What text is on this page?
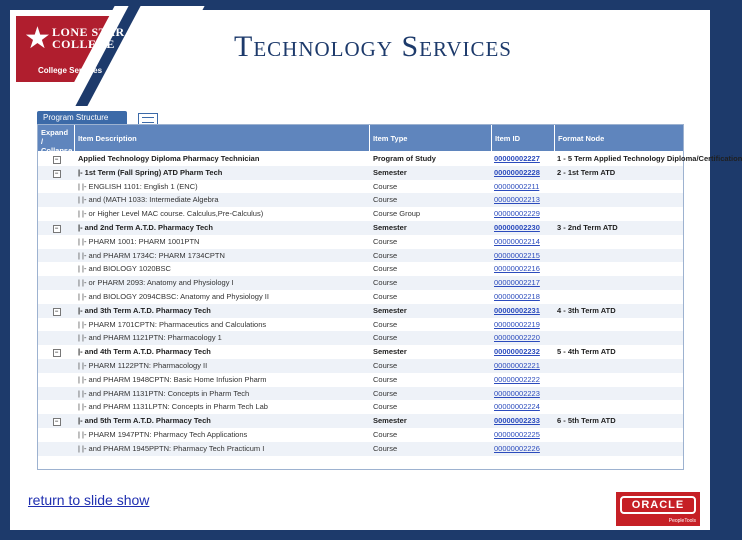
★ LONE STAR
COLLEGE
College Services
Technology Services
Program Structure
Expand / Collapse
Item Description	Item Type	Item ID	Format Node
−	Applied Technology Diploma Pharmacy Technician	Program of Study	00000002227	1 - 5 Term Applied Technology Diploma/Certification
−	|- 1st Term (Fall Spring) ATD Pharm Tech	Semester	00000002228	2 - 1st Term ATD
| |- ENGLISH 1101: English 1 (ENC)	Course	00000002211
| |- and (MATH 1033: Intermediate Algebra	Course	00000002213
| |- or Higher Level MAC course. Calculus,Pre-Calculus)	Course Group	00000002229
−	|- and 2nd Term A.T.D. Pharmacy Tech	Semester	00000002230	3 - 2nd Term ATD
| |- PHARM 1001: PHARM 1001PTN	Course	00000002214
| |- and PHARM 1734C: PHARM 1734CPTN	Course	00000002215
| |- and BIOLOGY 1020BSC	Course	00000002216
| |- or PHARM 2093: Anatomy and Physiology I	Course	00000002217
| |- and BIOLOGY 2094CBSC: Anatomy and Physiology II	Course	00000002218
−	|- and 3th Term A.T.D. Pharmacy Tech	Semester	00000002231	4 - 3th Term ATD
| |- PHARM 1701CPTN: Pharmaceutics and Calculations	Course	00000002219
| |- and PHARM 1121PTN: Pharmacology 1	Course	00000002220
−	|- and 4th Term A.T.D. Pharmacy Tech	Semester	00000002232	5 - 4th Term ATD
| |- PHARM 1122PTN: Pharmacology II	Course	00000002221
| |- and PHARM 1948CPTN: Basic Home Infusion Pharm	Course	00000002222
| |- and PHARM 1131PTN: Concepts in Pharm Tech	Course	00000002223
| |- and PHARM 1131LPTN: Concepts in Pharm Tech Lab	Course	00000002224
−	|- and 5th Term A.T.D. Pharmacy Tech	Semester	00000002233	6 - 5th Term ATD
| |- PHARM 1947PTN: Pharmacy Tech Applications	Course	00000002225
| |- and PHARM 1945PPTN: Pharmacy Tech Practicum I	Course	00000002226
return to slide show	ORACLE
PeopleTools
